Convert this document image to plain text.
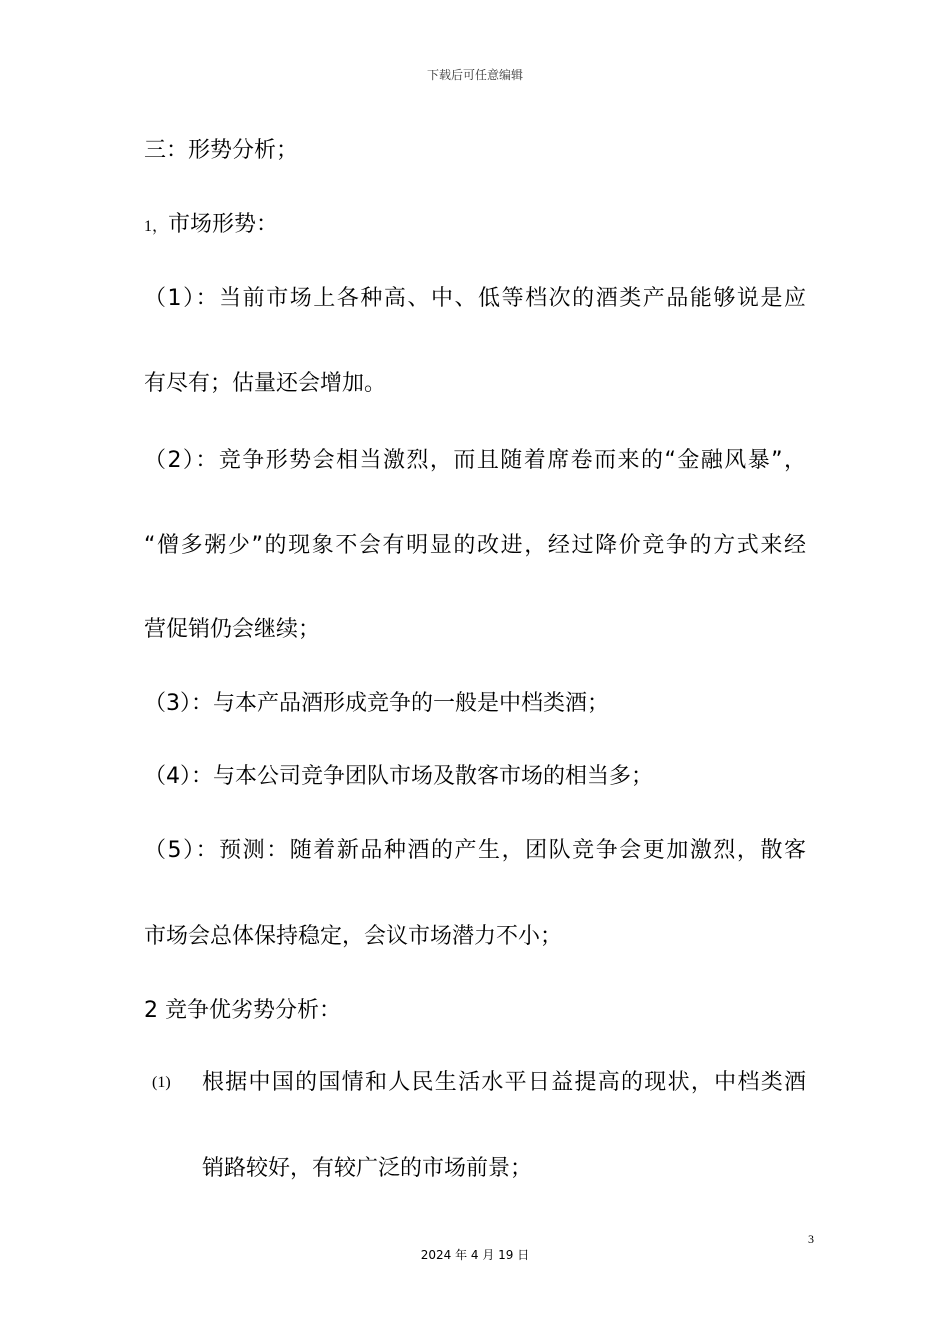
下载后可任意编辑
三：形势分析；
1，市场形势：
（1）：当前市场上各种高、中、低等档次的酒类产品能够说是应
有尽有；估量还会增加。
（2）：竞争形势会相当激烈，而且随着席卷而来的“金融风暴”，
“僧多粥少”的现象不会有明显的改进，经过降价竞争的方式来经
营促销仍会继续；
（3）：与本产品酒形成竞争的一般是中档类酒；
（4）：与本公司竞争团队市场及散客市场的相当多；
（5）：预测：随着新品种酒的产生，团队竞争会更加激烈，散客
市场会总体保持稳定，会议市场潜力不小；
2 竞争优劣势分析：
(1) 根据中国的国情和人民生活水平日益提高的现状，中档类酒
销路较好，有较广泛的市场前景；
3
2024 年 4 月 19 日
